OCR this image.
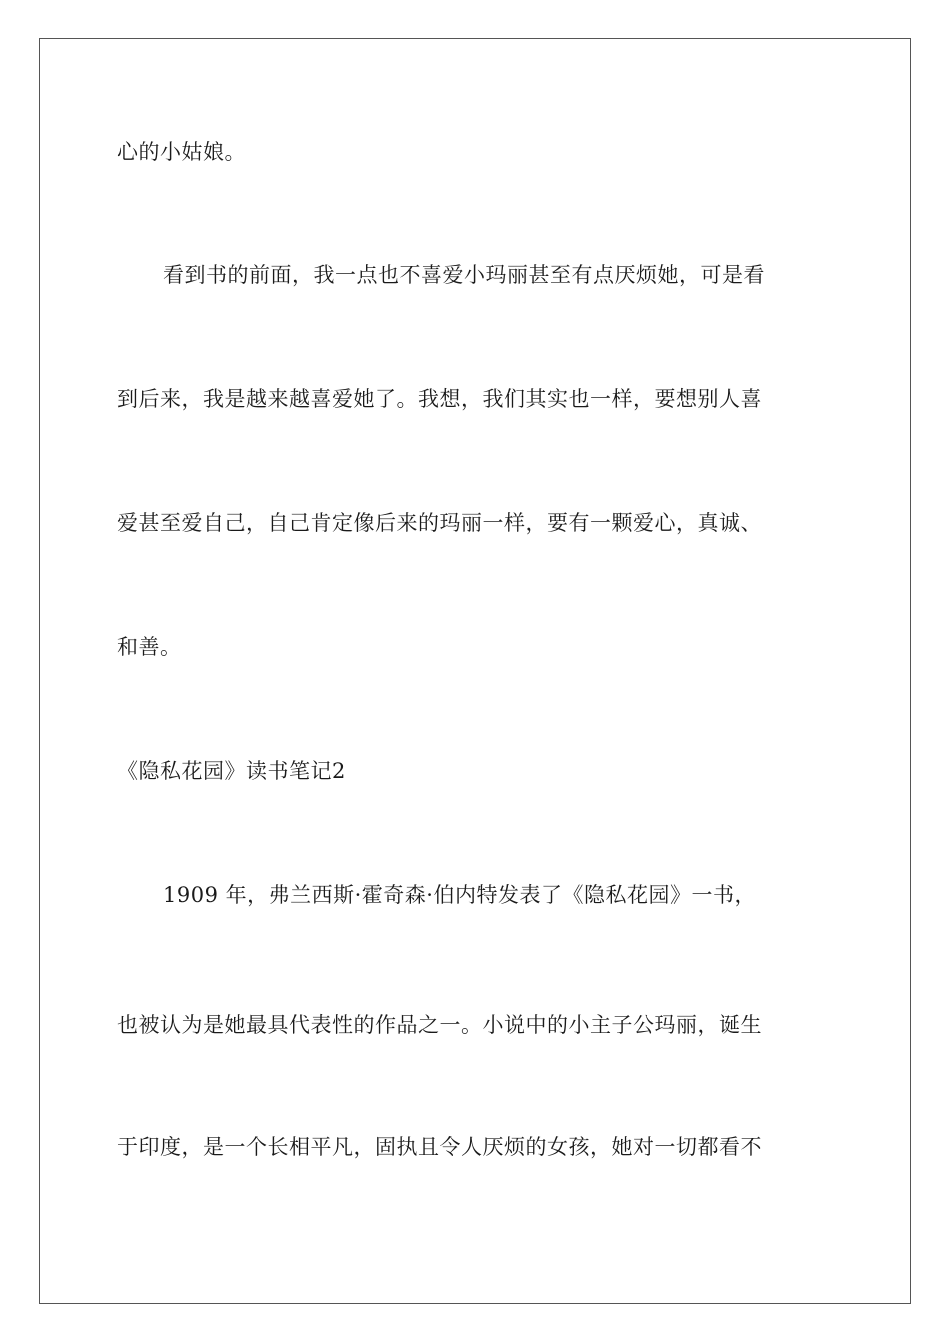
心的小姑娘。
看到书的前面，我一点也不喜爱小玛丽甚至有点厌烦她，可是看
到后来，我是越来越喜爱她了。我想，我们其实也一样，要想别人喜
爱甚至爱自己，自己肯定像后来的玛丽一样，要有一颗爱心，真诚、
和善。
《隐私花园》读书笔记2
1909 年，弗兰西斯·霍奇森·伯内特发表了《隐私花园》一书，
也被认为是她最具代表性的作品之一。小说中的小主子公玛丽，诞生
于印度，是一个长相平凡，固执且令人厌烦的女孩，她对一切都看不
